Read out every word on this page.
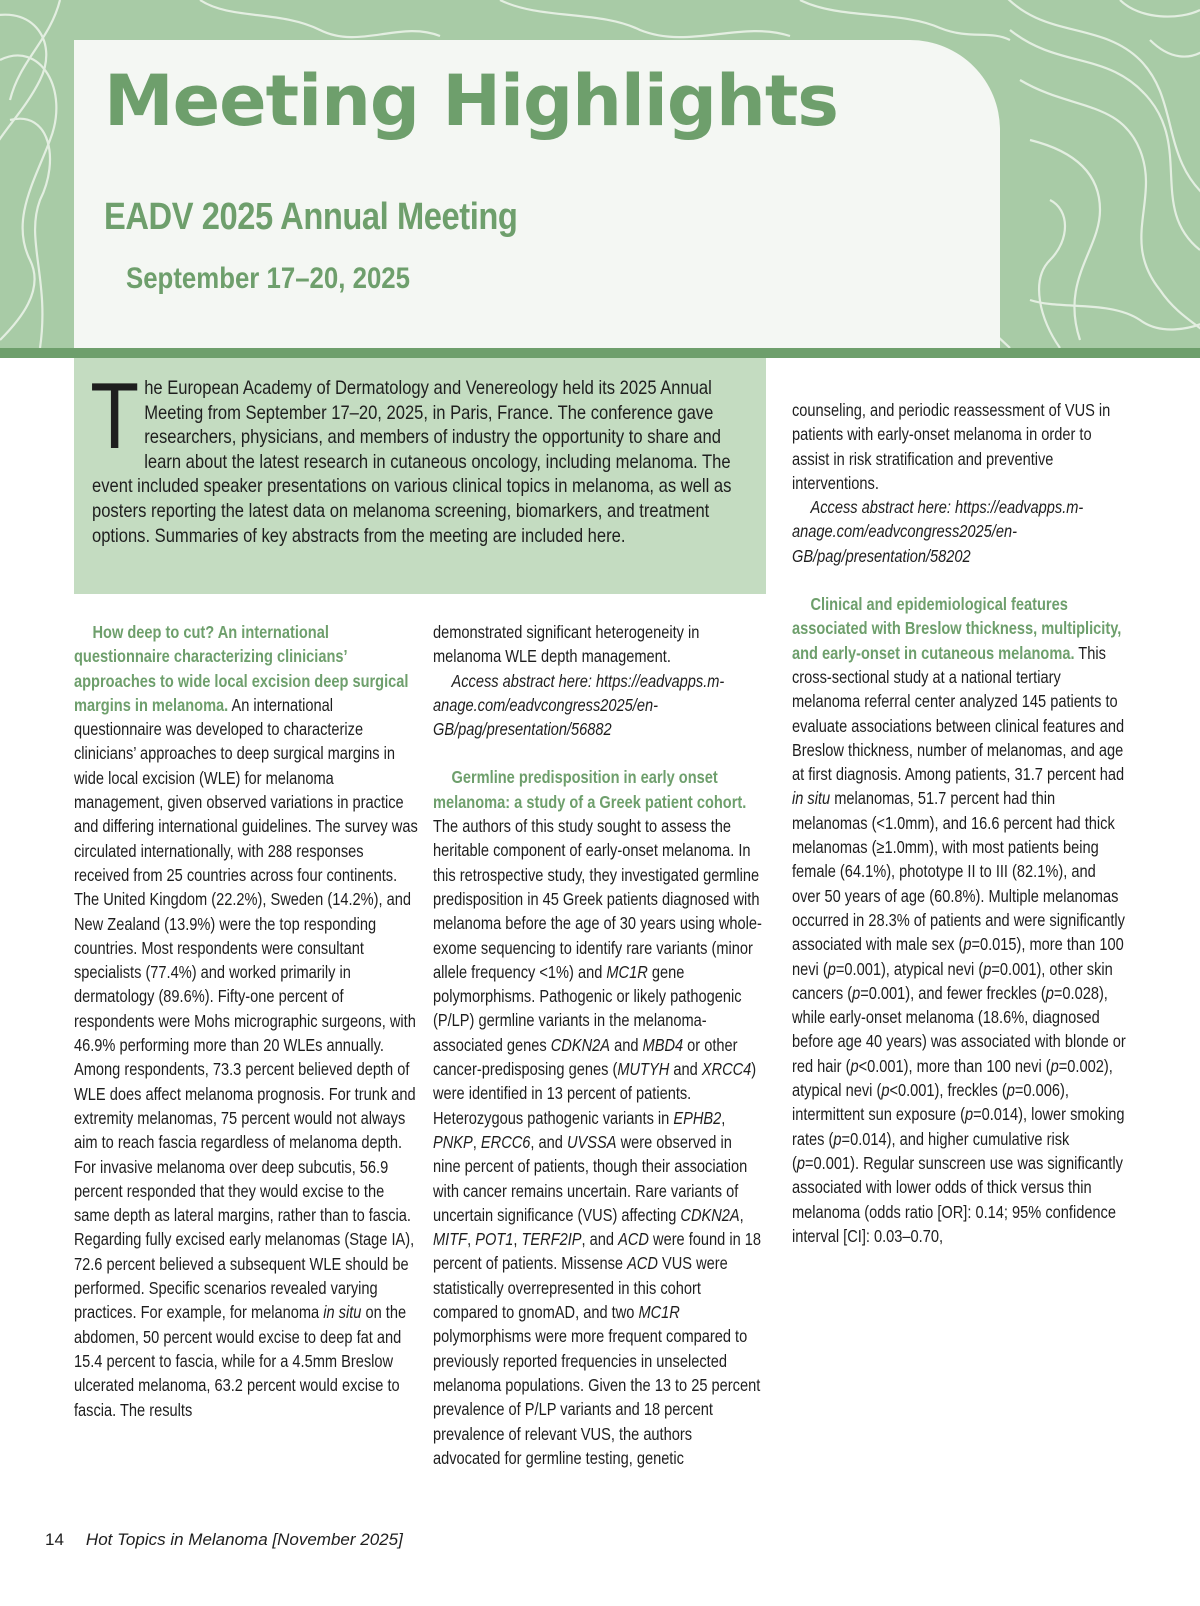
Meeting Highlights
EADV 2025 Annual Meeting
September 17–20, 2025

The European Academy of Dermatology and Venereology held its 2025 Annual Meeting from September 17–20, 2025, in Paris, France. The conference gave researchers, physicians, and members of industry the opportunity to share and learn about the latest research in cutaneous oncology, including melanoma. The event included speaker presentations on various clinical topics in melanoma, as well as posters reporting the latest data on melanoma screening, biomarkers, and treatment options. Summaries of key abstracts from the meeting are included here.

How deep to cut? An international questionnaire characterizing clinicians’ approaches to wide local excision deep surgical margins in melanoma. An international questionnaire was developed to characterize clinicians’ approaches to deep surgical margins in wide local excision (WLE) for melanoma management, given observed variations in practice and differing international guidelines. The survey was circulated internationally, with 288 responses received from 25 countries across four continents. The United Kingdom (22.2%), Sweden (14.2%), and New Zealand (13.9%) were the top responding countries. Most respondents were consultant specialists (77.4%) and worked primarily in dermatology (89.6%). Fifty-one percent of respondents were Mohs micrographic surgeons, with 46.9% performing more than 20 WLEs annually. Among respondents, 73.3 percent believed depth of WLE does affect melanoma prognosis. For trunk and extremity melanomas, 75 percent would not always aim to reach fascia regardless of melanoma depth. For invasive melanoma over deep subcutis, 56.9 percent responded that they would excise to the same depth as lateral margins, rather than to fascia. Regarding fully excised early melanomas (Stage IA), 72.6 percent believed a subsequent WLE should be performed. Specific scenarios revealed varying practices. For example, for melanoma in situ on the abdomen, 50 percent would excise to deep fat and 15.4 percent to fascia, while for a 4.5mm Breslow ulcerated melanoma, 63.2 percent would excise to fascia. The results

demonstrated significant heterogeneity in melanoma WLE depth management.

Access abstract here: https://eadvapps.m-anage.com/eadvcongress2025/en-GB/pag/presentation/56882

Germline predisposition in early onset melanoma: a study of a Greek patient cohort. The authors of this study sought to assess the heritable component of early-onset melanoma. In this retrospective study, they investigated germline predisposition in 45 Greek patients diagnosed with melanoma before the age of 30 years using whole-exome sequencing to identify rare variants (minor allele frequency <1%) and MC1R gene polymorphisms. Pathogenic or likely pathogenic (P/LP) germline variants in the melanoma-associated genes CDKN2A and MBD4 or other cancer-predisposing genes (MUTYH and XRCC4) were identified in 13 percent of patients. Heterozygous pathogenic variants in EPHB2, PNKP, ERCC6, and UVSSA were observed in nine percent of patients, though their association with cancer remains uncertain. Rare variants of uncertain significance (VUS) affecting CDKN2A, MITF, POT1, TERF2IP, and ACD were found in 18 percent of patients. Missense ACD VUS were statistically overrepresented in this cohort compared to gnomAD, and two MC1R polymorphisms were more frequent compared to previously reported frequencies in unselected melanoma populations. Given the 13 to 25 percent prevalence of P/LP variants and 18 percent prevalence of relevant VUS, the authors advocated for germline testing, genetic

counseling, and periodic reassessment of VUS in patients with early-onset melanoma in order to assist in risk stratification and preventive interventions.

Access abstract here: https://eadvapps.m-anage.com/eadvcongress2025/en-GB/pag/presentation/58202

Clinical and epidemiological features associated with Breslow thickness, multiplicity, and early-onset in cutaneous melanoma. This cross-sectional study at a national tertiary melanoma referral center analyzed 145 patients to evaluate associations between clinical features and Breslow thickness, number of melanomas, and age at first diagnosis. Among patients, 31.7 percent had in situ melanomas, 51.7 percent had thin melanomas (<1.0mm), and 16.6 percent had thick melanomas (≥1.0mm), with most patients being female (64.1%), phototype II to III (82.1%), and over 50 years of age (60.8%). Multiple melanomas occurred in 28.3% of patients and were significantly associated with male sex (p=0.015), more than 100 nevi (p=0.001), atypical nevi (p=0.001), other skin cancers (p=0.001), and fewer freckles (p=0.028), while early-onset melanoma (18.6%, diagnosed before age 40 years) was associated with blonde or red hair (p<0.001), more than 100 nevi (p=0.002), atypical nevi (p<0.001), freckles (p=0.006), intermittent sun exposure (p=0.014), lower smoking rates (p=0.014), and higher cumulative risk (p=0.001). Regular sunscreen use was significantly associated with lower odds of thick versus thin melanoma (odds ratio [OR]: 0.14; 95% confidence interval [CI]: 0.03–0.70,

14 Hot Topics in Melanoma [November 2025]
